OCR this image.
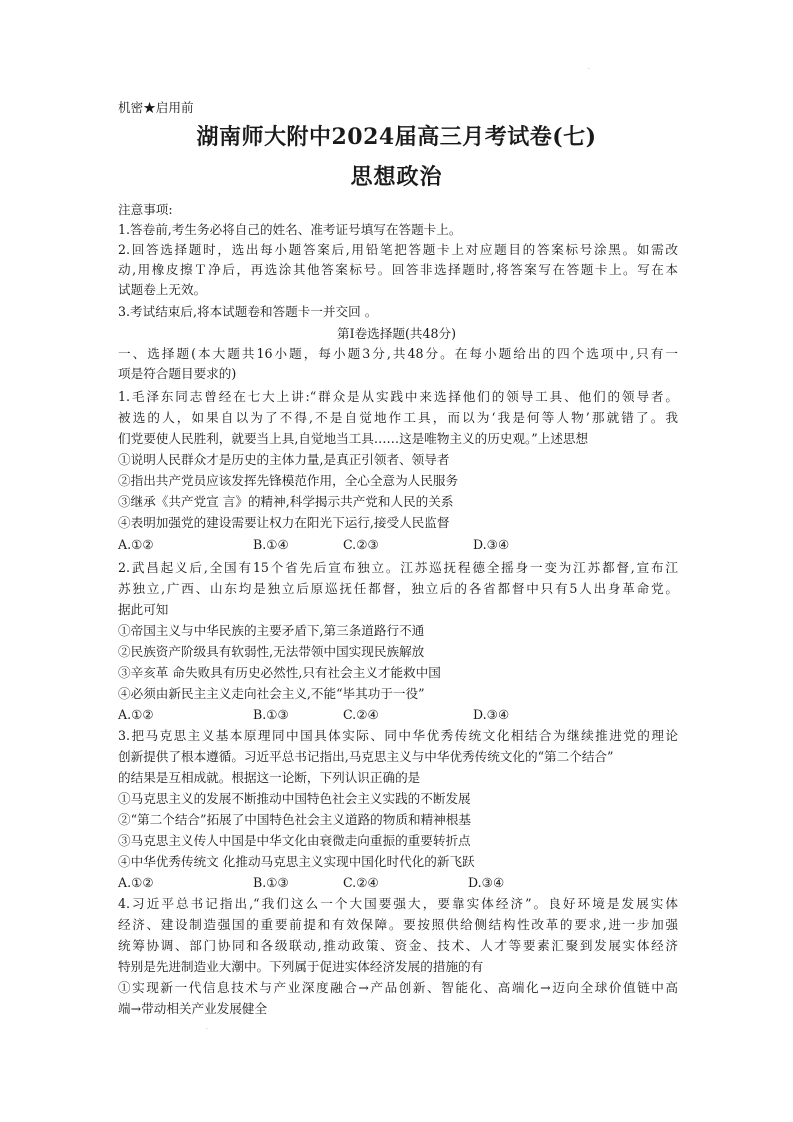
·
机密★启用前
湖南师大附中2024届高三月考试卷(七)
思想政治
注意事项:
1.答卷前,考生务必将自己的姓名、准考证号填写在答题卡上。
2.回答选择题时，选出每小题答案后,用铅笔把答题卡上对应题目的答案标号涂黑。如需改
动,用橡皮擦Ｔ净后，再选涂其他答案标号。回答非选择题时,将答案写在答题卡上。写在本
试题卷上无效。
3.考试结束后,将本试题卷和答题卡一并交回 。
第Ⅰ卷选择题(共48分)
一、选择题(本大题共16小题，每小题3分,共48分。在每小题给出的四个选项中,只有一
项是符合题目要求的)
1.毛泽东同志曾经在七大上讲:“群众是从实践中来选择他们的领导工具、他们的领导者。
被选的人，如果自以为了不得,不是自觉地作工具，而以为‘我是何等人物’那就错了。我
们党要使人民胜利，就要当上具,自觉地当工具……这是唯物主义的历史观。”上述思想
①说明人民群众才是历史的主体力量,是真正引领者、领导者
②指出共产党员应该发挥先锋模范作用，全心全意为人民服务
③继承《共产党宣 言》的精神,科学揭示共产党和人民的关系
④表明加强党的建设需要让权力在阳光下运行,接受人民监督
A.①②	B.①④	C.②③	D.③④
2.武昌起义后,全国有15个省先后宣布独立。江苏巡抚程德全摇身一变为江苏都督,宣布江
苏独立,广西、山东均是独立后原巡抚任都督，独立后的各省都督中只有5人出身革命党。
据此可知
①帝国主义与中华民族的主要矛盾下,第三条道路行不通
②民族资产阶级具有软弱性,无法带领中国实现民族解放
③辛亥革 命失败具有历史必然性,只有社会主义才能救中国
④必须由新民主主义走向社会主义,不能“毕其功于一役”
A.①②	B.①③	C.②④	D.③④
3.把马克思主义基本原理同中国具体实际、同中华优秀传统文化相结合为继续推进党的理论
创新提供了根本遵循。习近平总书记指出,马克思主义与中华优秀传统文化的“第二个结合”
的结果是互相成就。根据这一论断，下列认识正确的是
①马克思主义的发展不断推动中国特色社会主义实践的不断发展
②“第二个结合”拓展了中国特色社会主义道路的物质和精神根基
③马克思主义传人中国是中华文化由衰微走向重振的重要转折点
④中华优秀传统文 化推动马克思主义实现中国化时代化的新飞跃
A.①②	B.①③	C.②④	D.③④
4.习近平总书记指出,“我们这么一个大国要强大，要靠实体经济”。良好环境是发展实体
经济、建设制造强国的重要前提和有效保障。要按照供给侧结构性改革的要求,进一步加强
统筹协调、部门协同和各级联动,推动政策、资金、技术、人才等要素汇聚到发展实体经济
特别是先进制造业大潮中。下列属于促进实体经济发展的措施的有
①实现新一代信息技术与产业深度融合→产品创新、智能化、高端化→迈向全球价值链中高
端→带动相关产业发展健全
·
